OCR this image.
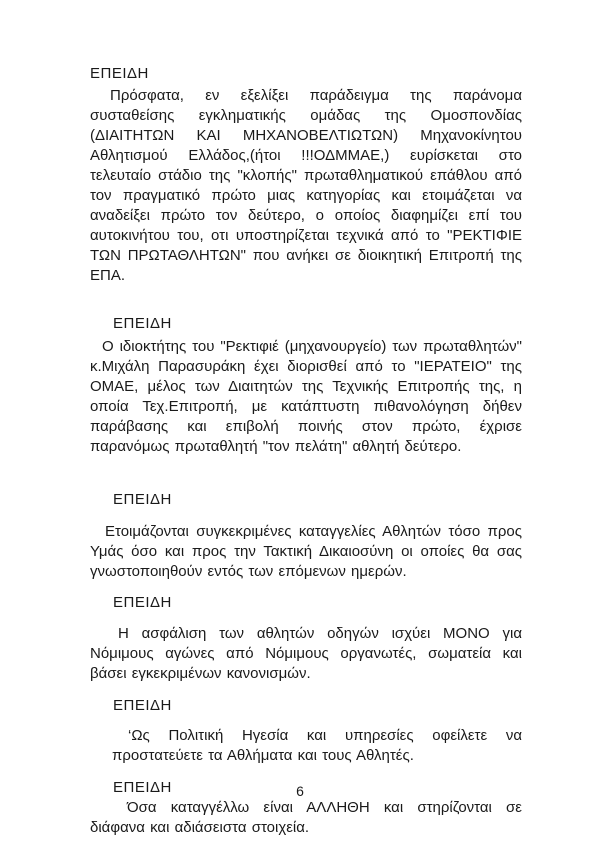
ΕΠΕΙΔΗ

Πρόσφατα, εν εξελίξει παράδειγμα της παράνομα συσταθείσης εγκληματικής ομάδας της Ομοσπονδίας (ΔΙΑΙΤΗΤΩΝ ΚΑΙ ΜΗΧΑΝΟΒΕΛΤΙΩΤΩΝ) Μηχανοκίνητου Αθλητισμού Ελλάδος,(ήτοι !!!ΟΔΜΜΑΕ,) ευρίσκεται στο τελευταίο στάδιο της "κλοπής" πρωταθληματικού επάθλου από τον πραγματικό πρώτο μιας κατηγορίας και ετοιμάζεται να αναδείξει πρώτο τον δεύτερο, ο οποίος διαφημίζει επί του αυτοκινήτου του, οτι υποστηρίζεται τεχνικά από το "ΡΕΚΤΙΦΙΕ ΤΩΝ ΠΡΩΤΑΘΛΗΤΩΝ" που ανήκει σε διοικητική Επιτροπή της ΕΠΑ.

ΕΠΕΙΔΗ

Ο ιδιοκτήτης του "Ρεκτιφιέ (μηχανουργείο) των πρωταθλητών" κ.Μιχάλη Παρασυράκη έχει διορισθεί από το "ΙΕΡΑΤΕΙΟ" της ΟΜΑΕ, μέλος των Διαιτητών της Τεχνικής Επιτροπής της, η οποία Τεχ.Επιτροπή, με κατάπτυστη πιθανολόγηση δήθεν παράβασης και επιβολή ποινής στον πρώτο, έχρισε παρανόμως πρωταθλητή "τον πελάτη" αθλητή δεύτερο.

ΕΠΕΙΔΗ

Ετοιμάζονται συγκεκριμένες καταγγελίες Αθλητών τόσο προς Υμάς όσο και προς την Τακτική Δικαιοσύνη οι οποίες θα σας γνωστοποιηθούν εντός των επόμενων ημερών.

ΕΠΕΙΔΗ

Η ασφάλιση των αθλητών οδηγών ισχύει ΜΟΝΟ για Νόμιμους αγώνες από Νόμιμους οργανωτές, σωματεία και βάσει εγκεκριμένων κανονισμών.

ΕΠΕΙΔΗ

‘Ως Πολιτική Ηγεσία και υπηρεσίες οφείλετε να προστατεύετε τα Αθλήματα και τους Αθλητές.

ΕΠΕΙΔΗ

Όσα καταγγέλλω είναι ΑΛΛΗΘΗ και στηρίζονται σε διάφανα και αδιάσειστα στοιχεία.

6
